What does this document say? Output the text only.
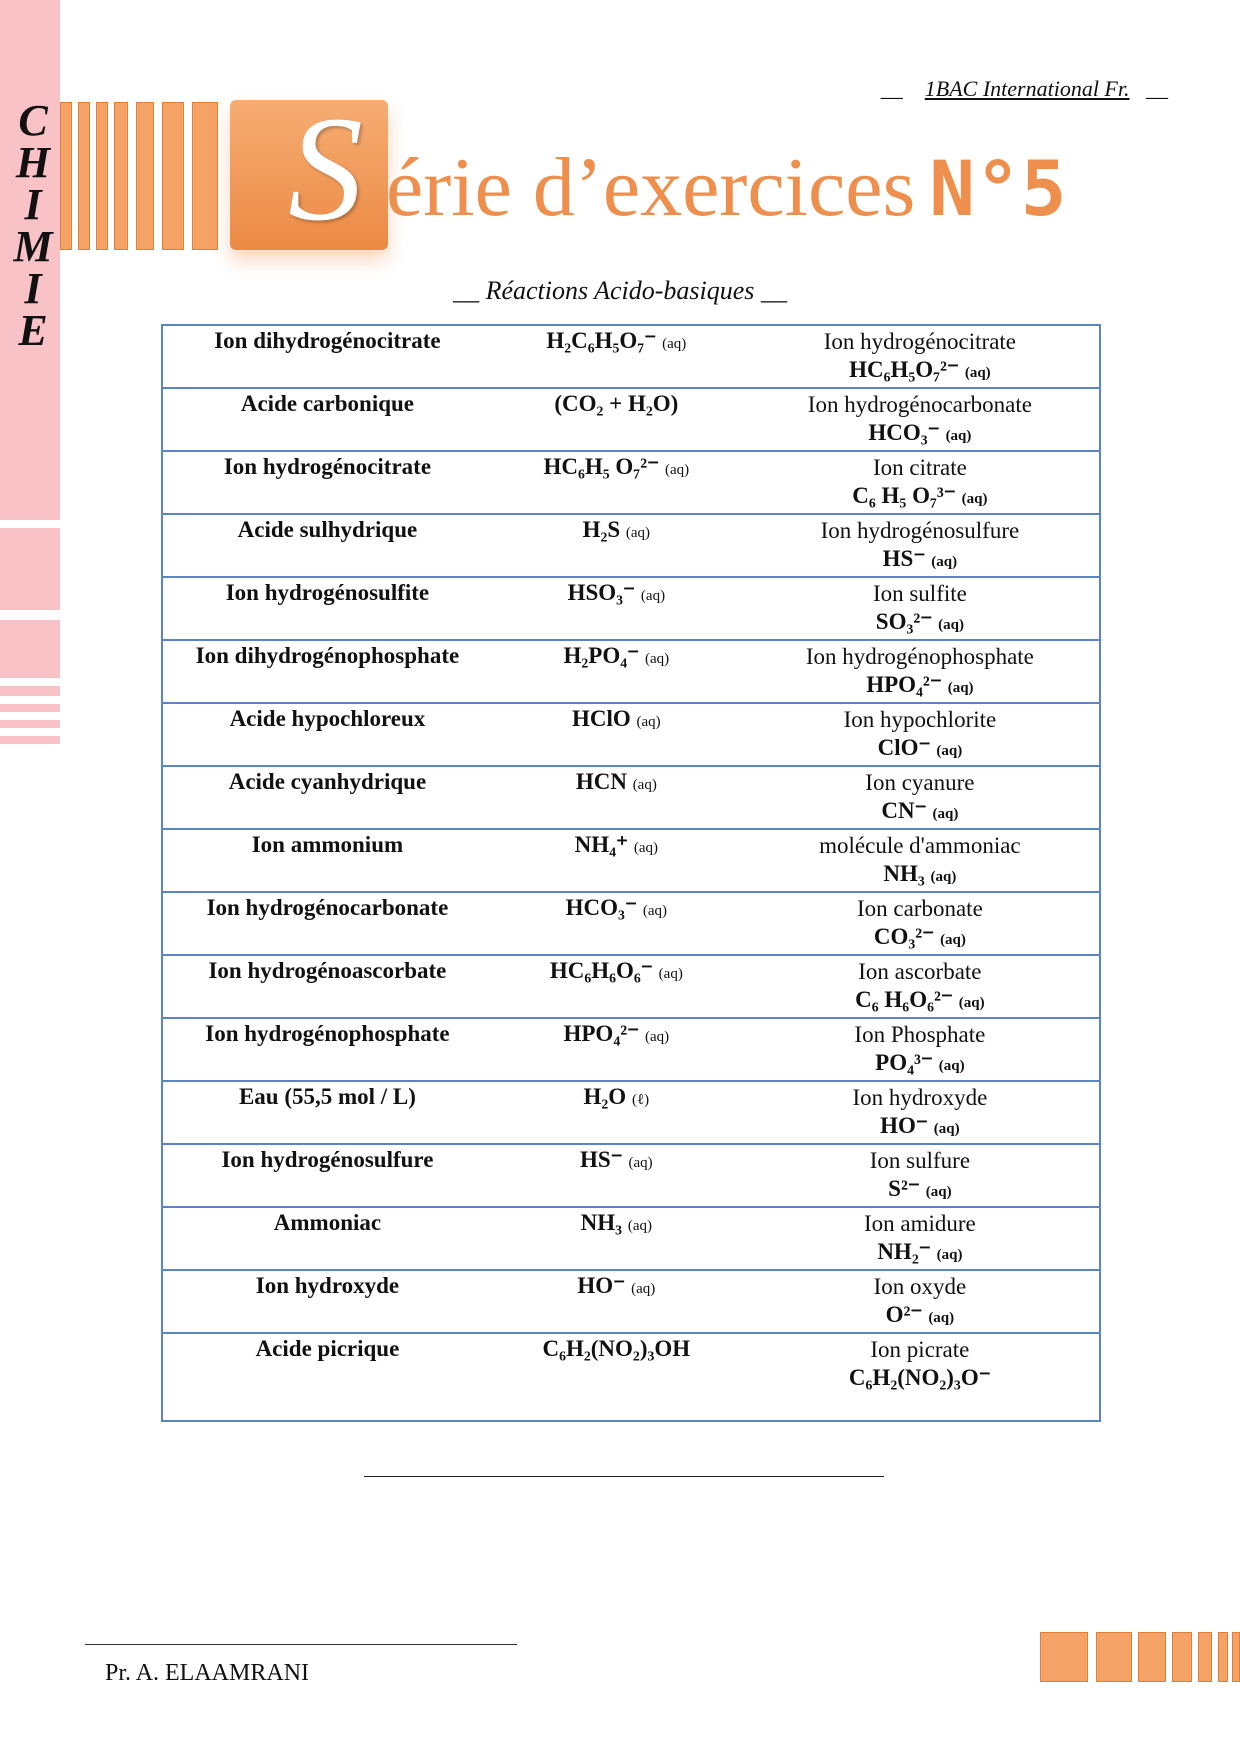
C
H
I
M
I
E
__ 1BAC International Fr. __
S érie d’exercices N°5
__ Réactions Acido-basiques __
Ion dihydrogénocitrate	H₂C₆H₅O₇⁻ (aq)	Ion hydrogénocitrate
HC₆H₅O₇²⁻ (aq)
Acide carbonique	(CO₂ + H₂O)	Ion hydrogénocarbonate
HCO₃⁻ (aq)
Ion hydrogénocitrate	HC₆H₅ O₇²⁻ (aq)	Ion citrate
C₆ H₅ O₇³⁻ (aq)
Acide sulhydrique	H₂S (aq)	Ion hydrogénosulfure
HS⁻ (aq)
Ion hydrogénosulfite	HSO₃⁻ (aq)	Ion sulfite
SO₃²⁻ (aq)
Ion dihydrogénophosphate	H₂PO₄⁻ (aq)	Ion hydrogénophosphate
HPO₄²⁻ (aq)
Acide hypochloreux	HClO (aq)	Ion hypochlorite
ClO⁻ (aq)
Acide cyanhydrique	HCN (aq)	Ion cyanure
CN⁻ (aq)
Ion ammonium	NH₄⁺ (aq)	molécule d'ammoniac
NH₃ (aq)
Ion hydrogénocarbonate	HCO₃⁻ (aq)	Ion carbonate
CO₃²⁻ (aq)
Ion hydrogénoascorbate	HC₆H₆O₆⁻ (aq)	Ion ascorbate
C₆ H₆O₆²⁻ (aq)
Ion hydrogénophosphate	HPO₄²⁻ (aq)	Ion Phosphate
PO₄³⁻ (aq)
Eau (55,5 mol / L)	H₂O (ℓ)	Ion hydroxyde
HO⁻ (aq)
Ion hydrogénosulfure	HS⁻ (aq)	Ion sulfure
S²⁻ (aq)
Ammoniac	NH₃ (aq)	Ion amidure
NH₂⁻ (aq)
Ion hydroxyde	HO⁻ (aq)	Ion oxyde
O²⁻ (aq)
Acide picrique	C₆H₂(NO₂)₃OH	Ion picrate
C₆H₂(NO₂)₃O⁻
Pr. A. ELAAMRANI
